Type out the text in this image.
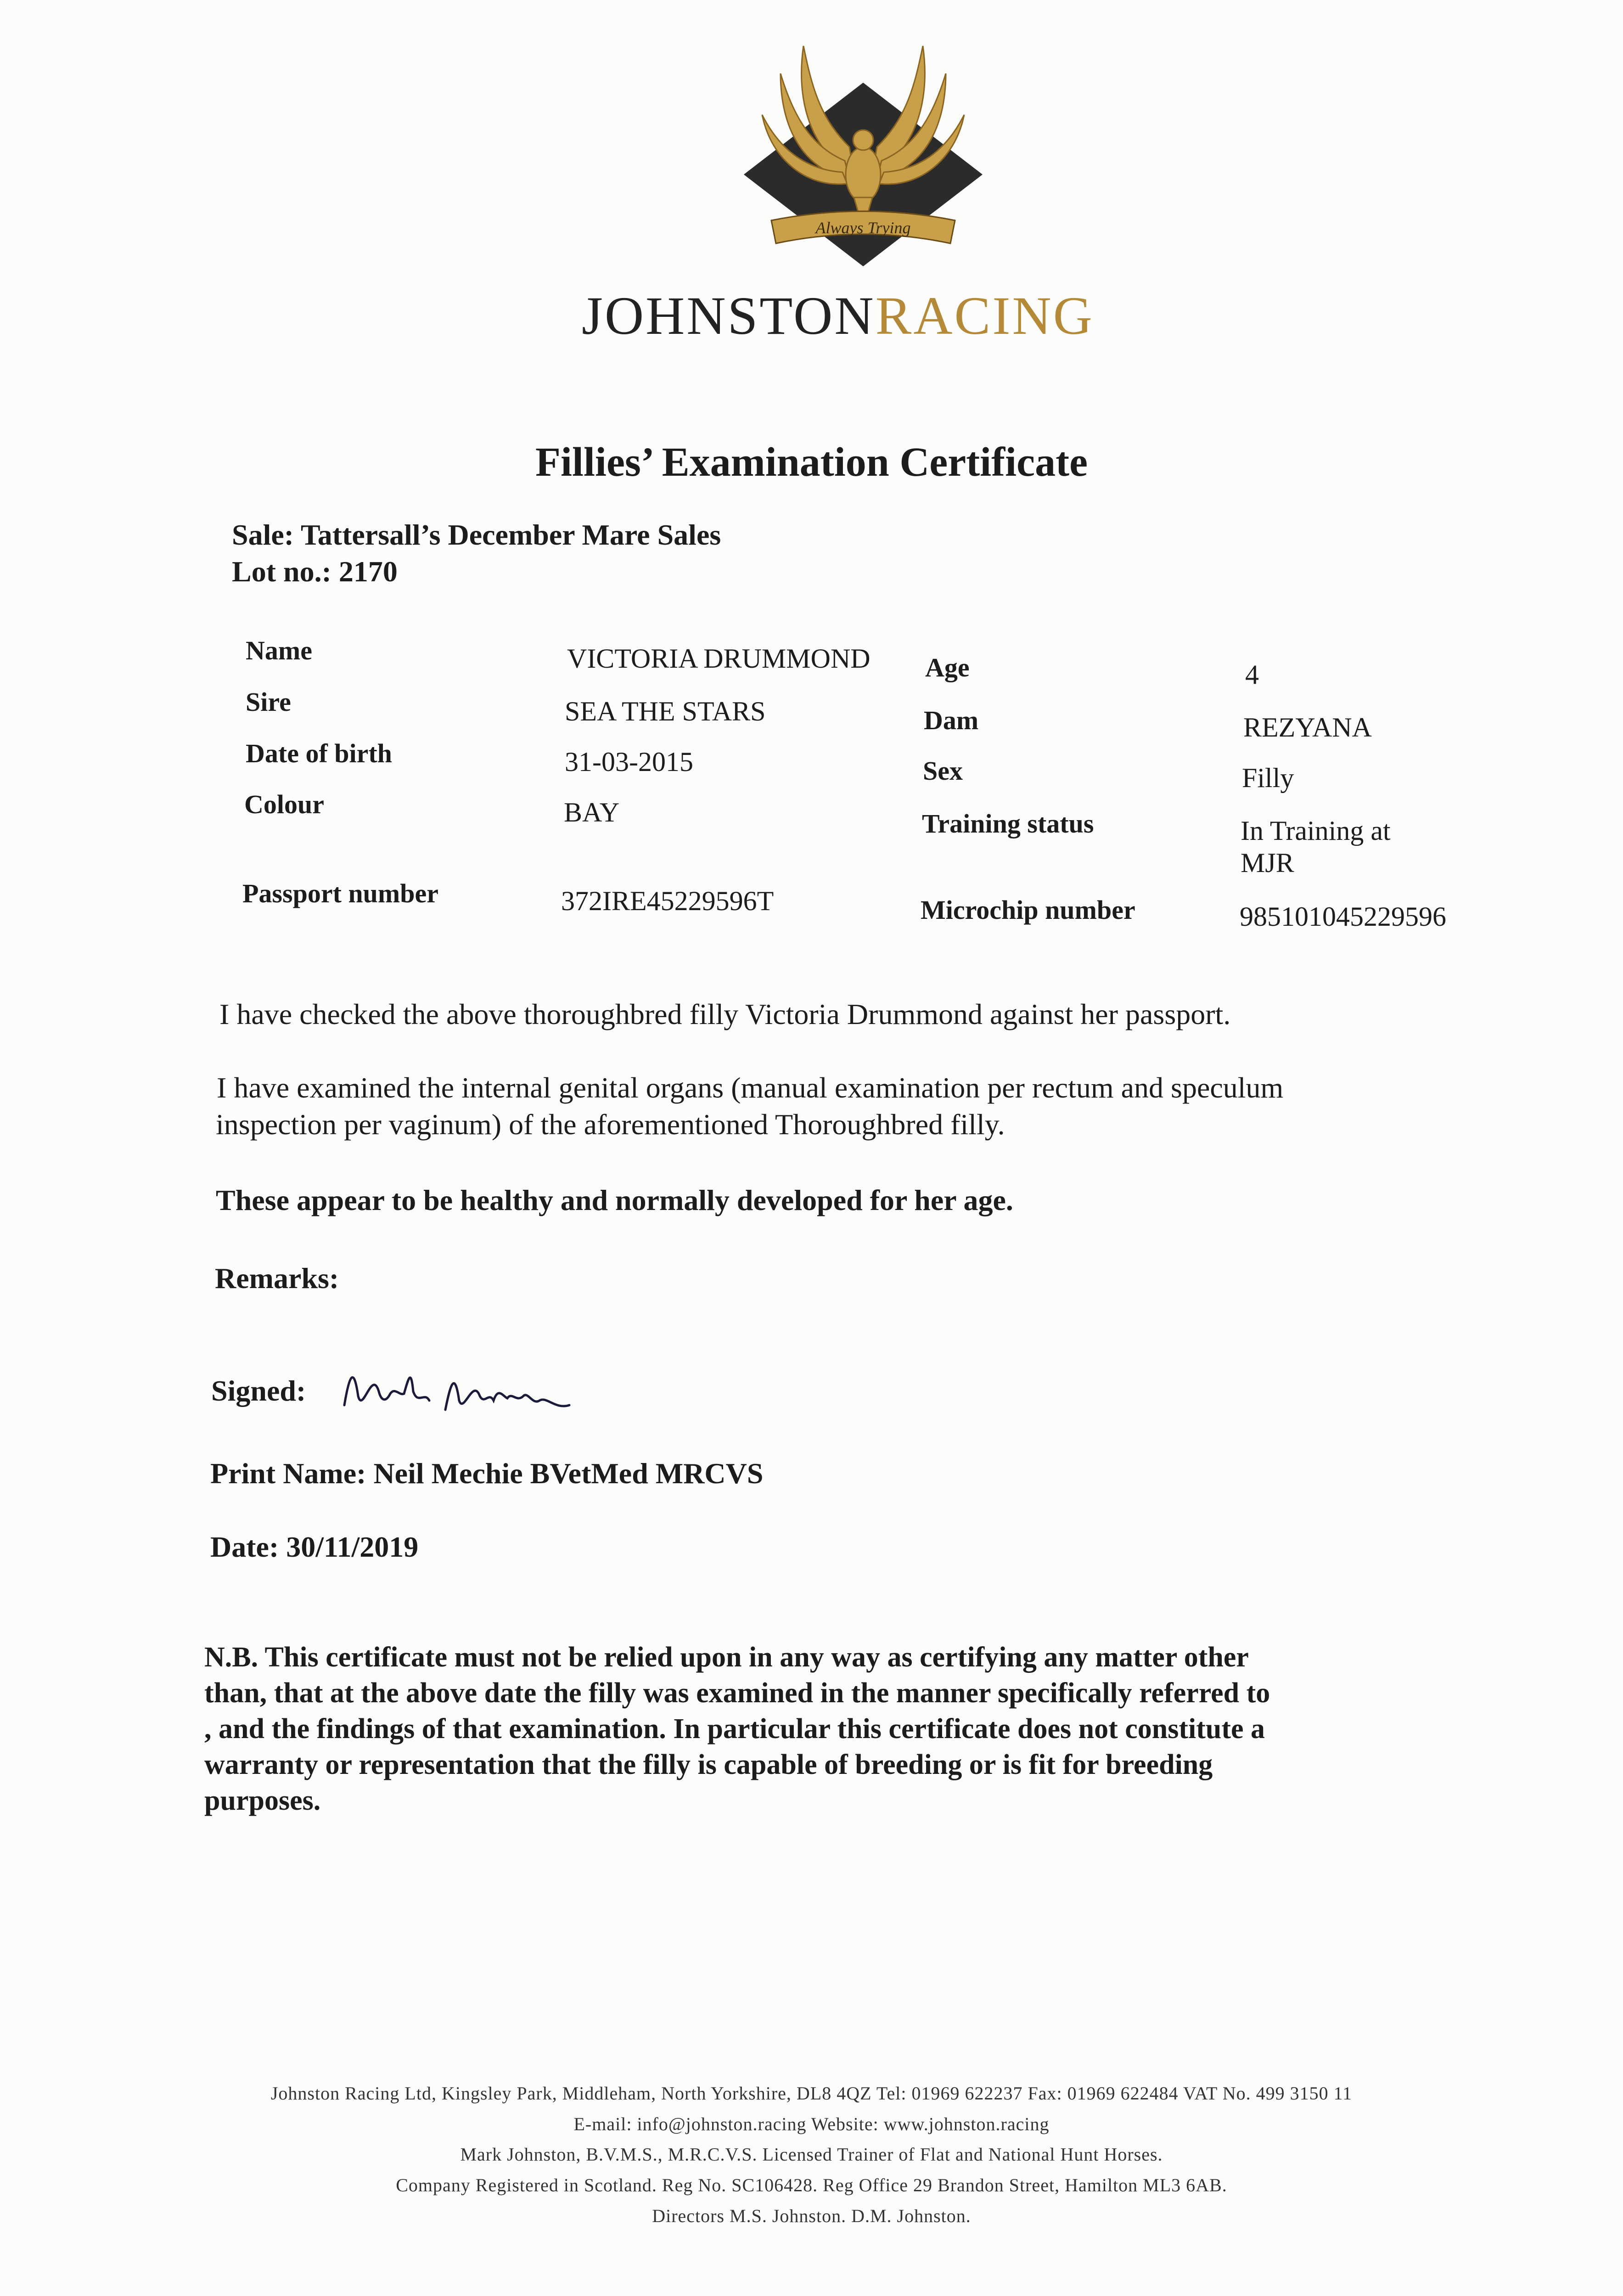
Always Trying
JOHNSTONRACING
Fillies’ Examination Certificate
Sale: Tattersall’s December Mare Sales
Lot no.: 2170
Name	VICTORIA DRUMMOND
Sire	SEA THE STARS
Date of birth	31-03-2015
Colour	BAY
Passport number	372IRE45229596T
Age	4
Dam	REZYANA
Sex	Filly
Training status	In Training at
MJR
Microchip number	985101045229596
I have checked the above thoroughbred filly Victoria Drummond against her passport.
I have examined the internal genital organs (manual examination per rectum and speculum
inspection per vaginum) of the aforementioned Thoroughbred filly.
These appear to be healthy and normally developed for her age.
Remarks:
Signed:
Print Name: Neil Mechie BVetMed MRCVS
Date: 30/11/2019
N.B. This certificate must not be relied upon in any way as certifying any matter other
than, that at the above date the filly was examined in the manner specifically referred to
, and the findings of that examination. In particular this certificate does not constitute a
warranty or representation that the filly is capable of breeding or is fit for breeding
purposes.
Johnston Racing Ltd, Kingsley Park, Middleham, North Yorkshire, DL8 4QZ Tel: 01969 622237 Fax: 01969 622484 VAT No. 499 3150 11
E-mail: info@johnston.racing Website: www.johnston.racing
Mark Johnston, B.V.M.S., M.R.C.V.S. Licensed Trainer of Flat and National Hunt Horses.
Company Registered in Scotland. Reg No. SC106428. Reg Office 29 Brandon Street, Hamilton ML3 6AB.
Directors M.S. Johnston. D.M. Johnston.
